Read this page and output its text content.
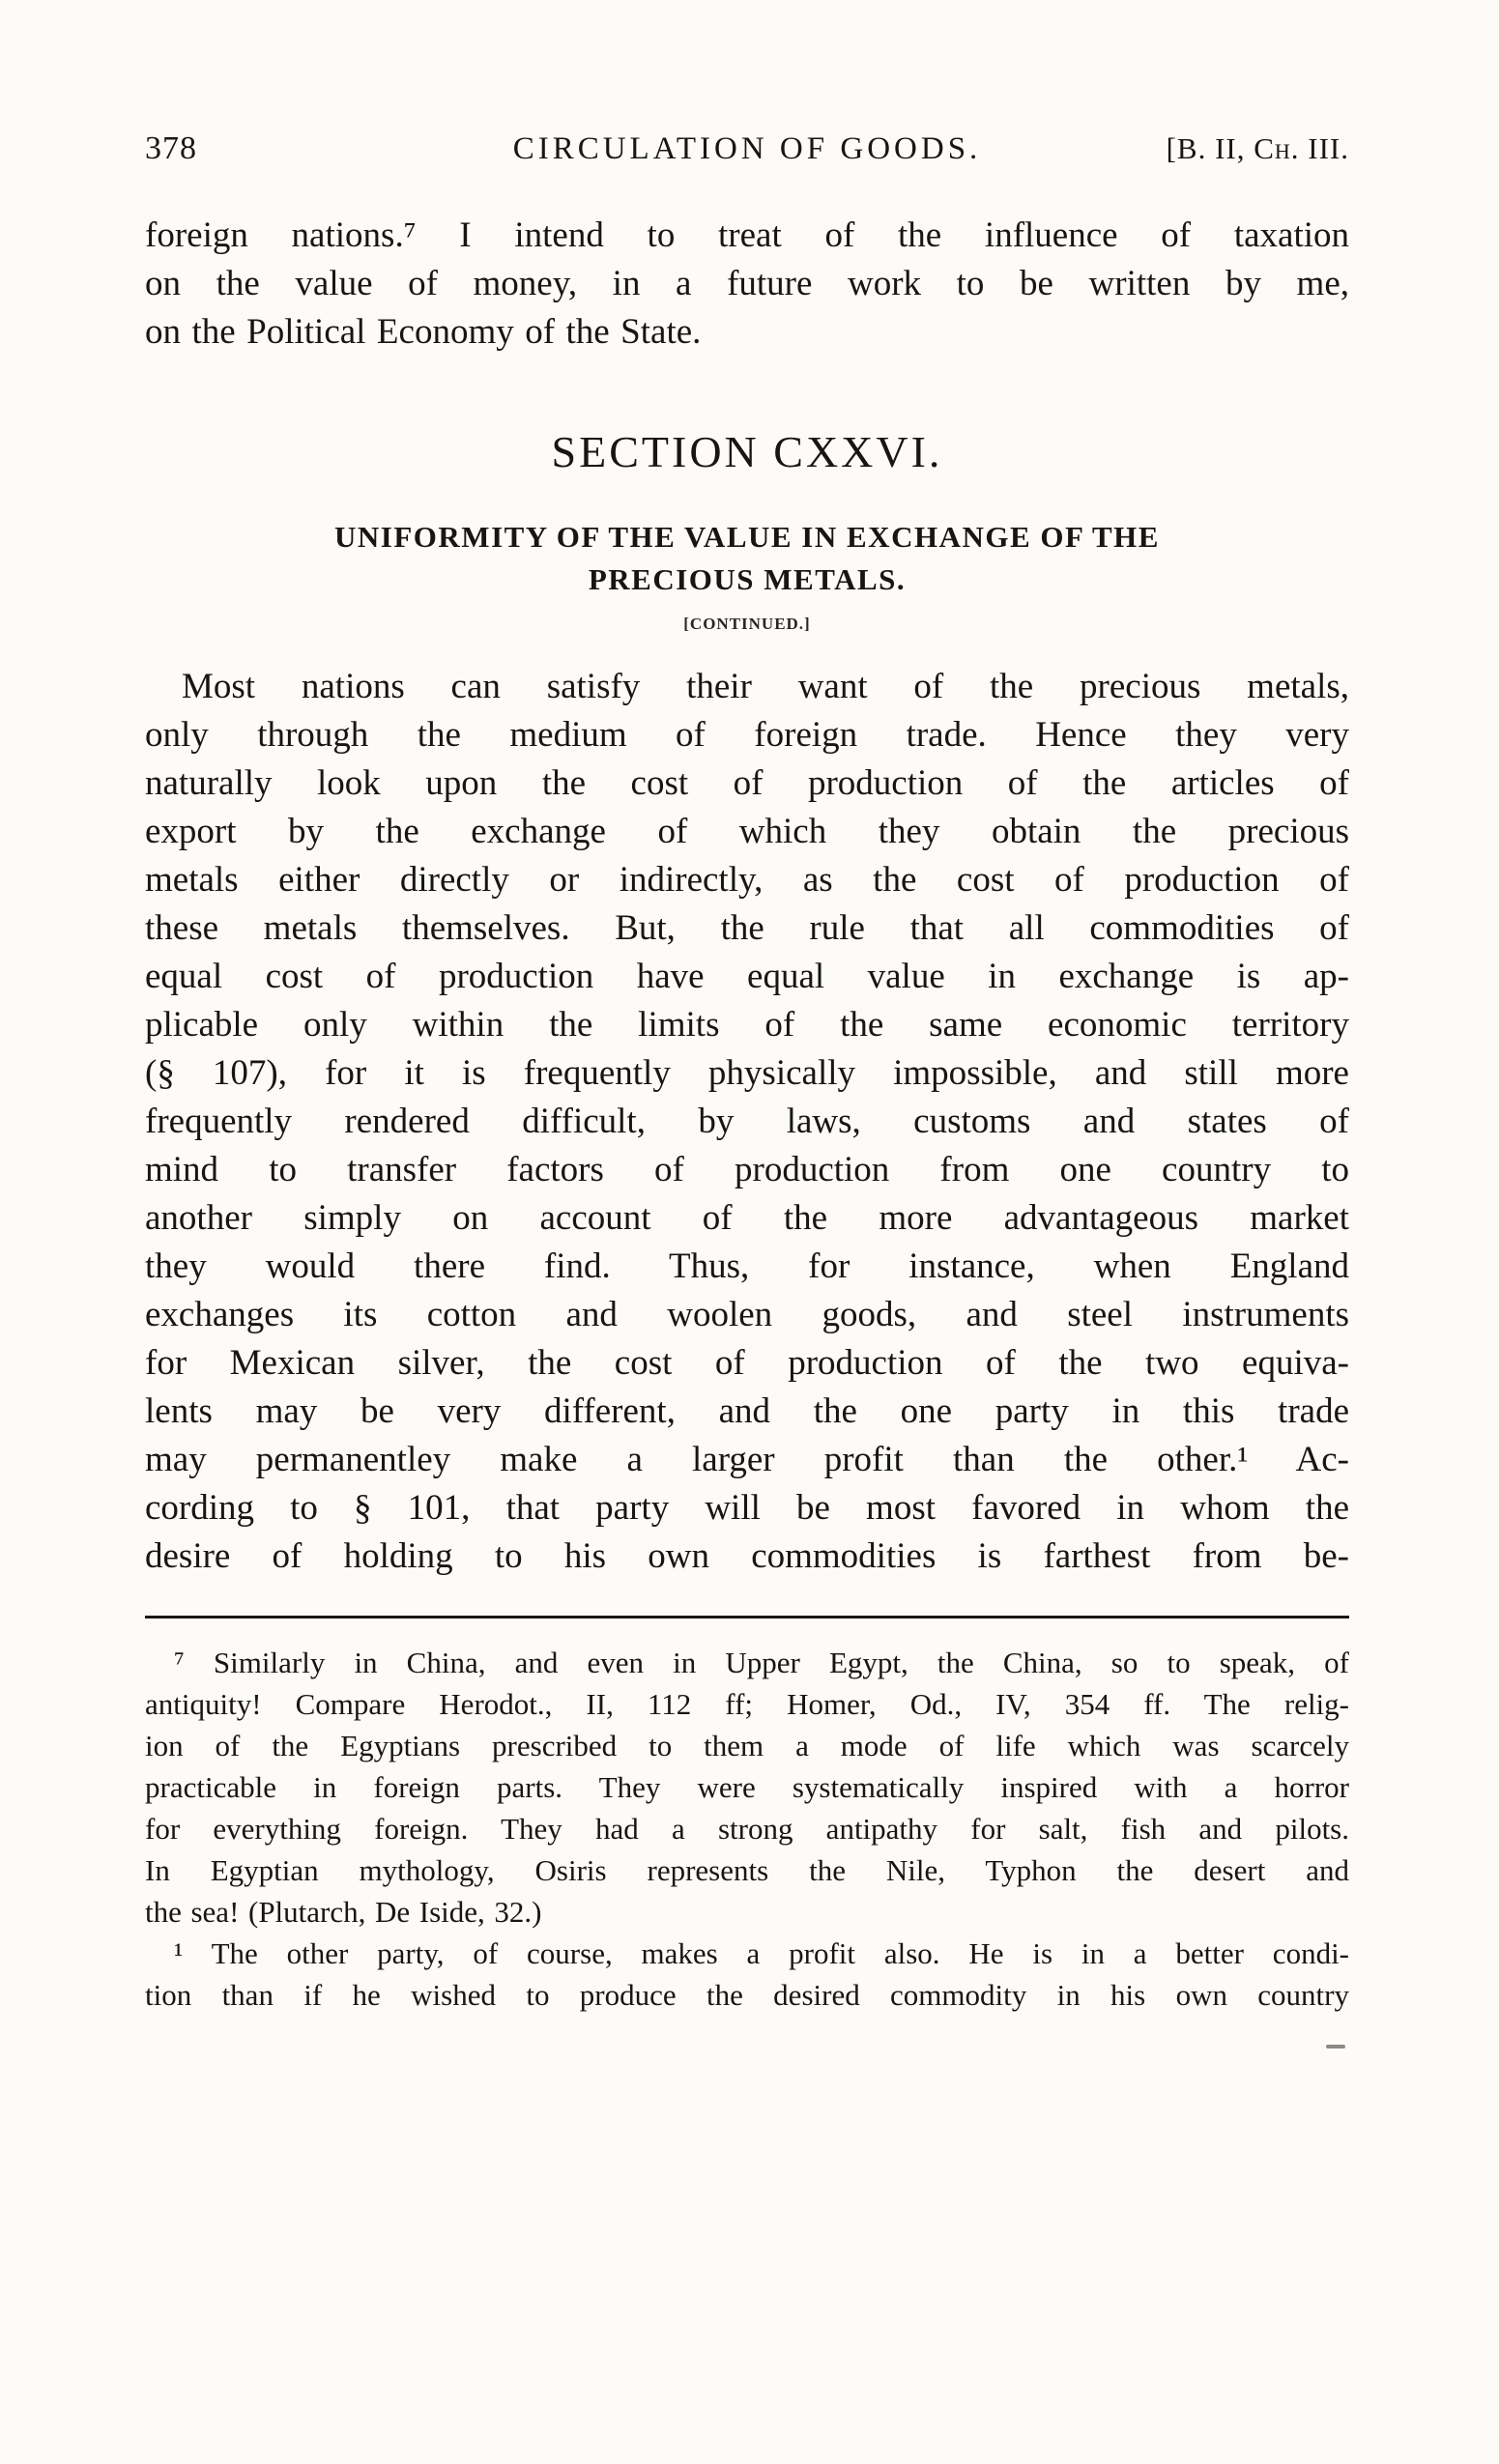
378	CIRCULATION OF GOODS.	[B. II, Ch. III.
foreign nations.⁷ I intend to treat of the influence of taxation
on the value of money, in a future work to be written by me,
on the Political Economy of the State.
SECTION CXXVI.
UNIFORMITY OF THE VALUE IN EXCHANGE OF THE
PRECIOUS METALS.
[CONTINUED.]
Most nations can satisfy their want of the precious metals,
only through the medium of foreign trade. Hence they very
naturally look upon the cost of production of the articles of
export by the exchange of which they obtain the precious
metals either directly or indirectly, as the cost of production of
these metals themselves. But, the rule that all commodities of
equal cost of production have equal value in exchange is ap-
plicable only within the limits of the same economic territory
(§ 107), for it is frequently physically impossible, and still more
frequently rendered difficult, by laws, customs and states of
mind to transfer factors of production from one country to
another simply on account of the more advantageous market
they would there find. Thus, for instance, when England
exchanges its cotton and woolen goods, and steel instruments
for Mexican silver, the cost of production of the two equiva-
lents may be very different, and the one party in this trade
may permanentley make a larger profit than the other.¹ Ac-
cording to § 101, that party will be most favored in whom the
desire of holding to his own commodities is farthest from be-
⁷ Similarly in China, and even in Upper Egypt, the China, so to speak, of
antiquity! Compare Herodot., II, 112 ff; Homer, Od., IV, 354 ff. The relig-
ion of the Egyptians prescribed to them a mode of life which was scarcely
practicable in foreign parts. They were systematically inspired with a horror
for everything foreign. They had a strong antipathy for salt, fish and pilots.
In Egyptian mythology, Osiris represents the Nile, Typhon the desert and
the sea! (Plutarch, De Iside, 32.)
¹ The other party, of course, makes a profit also. He is in a better condi-
tion than if he wished to produce the desired commodity in his own country
